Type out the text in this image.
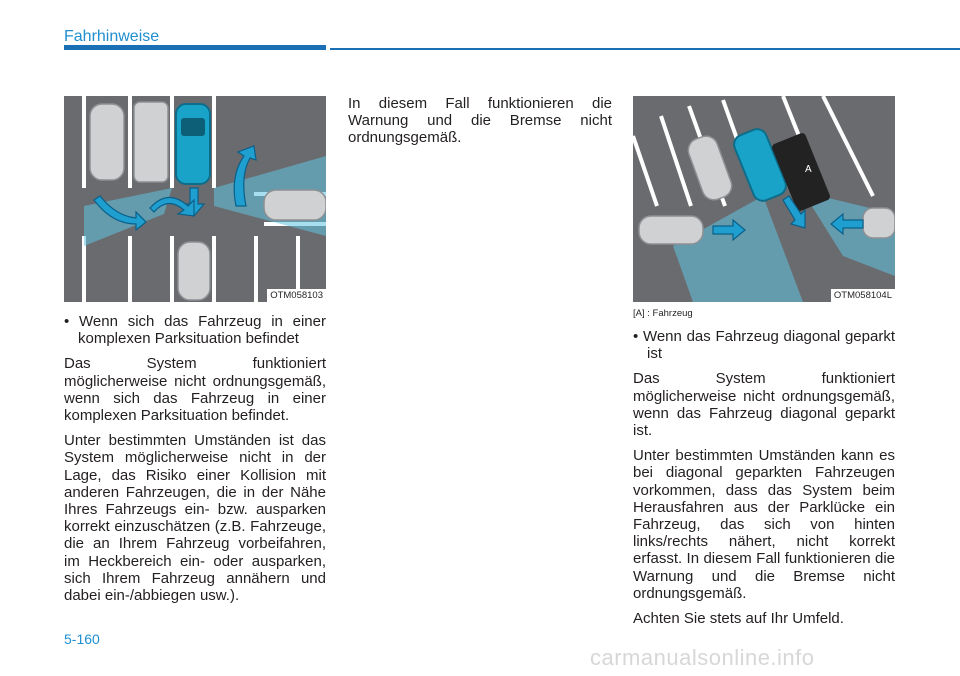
Fahrhinweise
OTM058103
A
OTM058104L
[A] : Fahrzeug

• Wenn sich das Fahrzeug in einer komplexen Parksituation befindet

Das System funktioniert möglicherweise nicht ordnungsgemäß, wenn sich das Fahrzeug in einer komplexen Parksituation befindet.

Unter bestimmten Umständen ist das System möglicherweise nicht in der Lage, das Risiko einer Kollision mit anderen Fahrzeugen, die in der Nähe Ihres Fahrzeugs ein- bzw. ausparken korrekt einzuschätzen (z.B. Fahrzeuge, die an Ihrem Fahrzeug vorbeifahren, im Heckbereich ein- oder ausparken, sich Ihrem Fahrzeug annähern und dabei ein-/abbiegen usw.).

In diesem Fall funktionieren die Warnung und die Bremse nicht ordnungsgemäß.

• Wenn das Fahrzeug diagonal geparkt ist

Das System funktioniert möglicherweise nicht ordnungsgemäß, wenn das Fahrzeug diagonal geparkt ist.

Unter bestimmten Umständen kann es bei diagonal geparkten Fahrzeugen vorkommen, dass das System beim Herausfahren aus der Parklücke ein Fahrzeug, das sich von hinten links/rechts nähert, nicht korrekt erfasst. In diesem Fall funktionieren die Warnung und die Bremse nicht ordnungsgemäß.

Achten Sie stets auf Ihr Umfeld.

5-160
carmanualsonline.info
